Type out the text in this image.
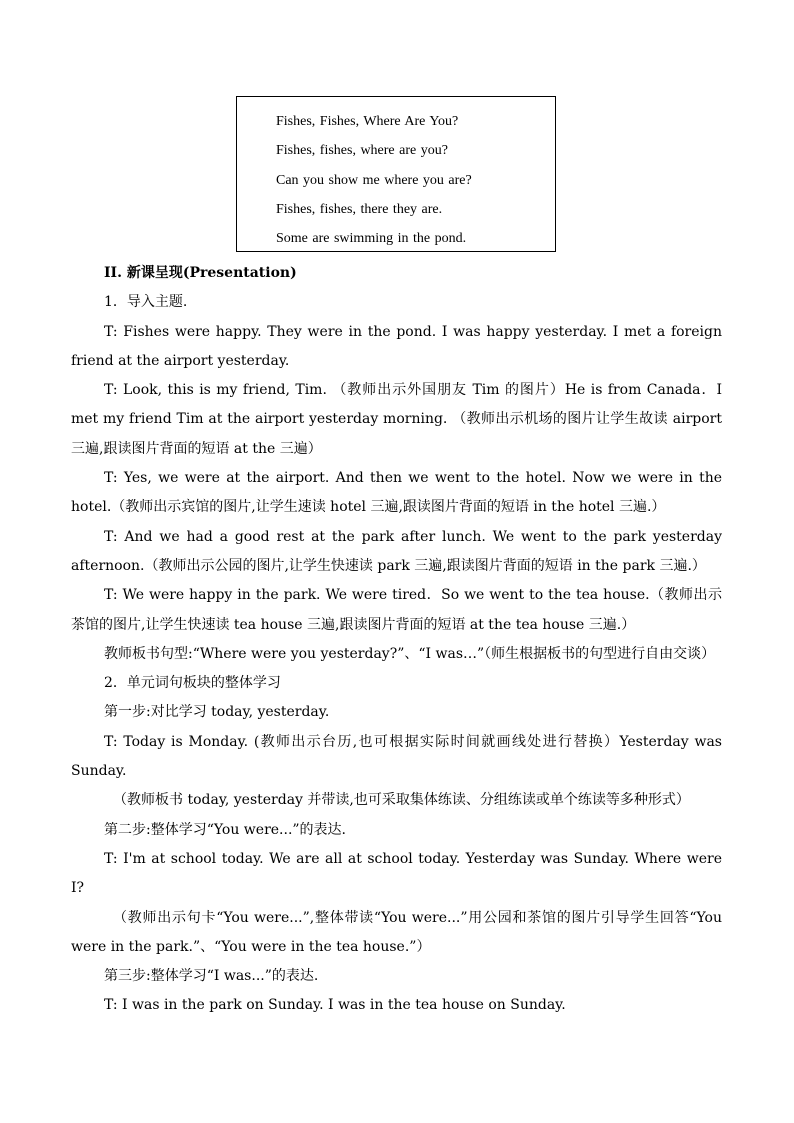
Fishes, Fishes, Where Are You?
Fishes, fishes, where are you?
Can you show me where you are?
Fishes, fishes, there they are.
Some are swimming in the pond.

II. 新课呈现(Presentation)

1．导入主题.

T: Fishes were happy. They were in the pond. I was happy yesterday. I met a foreign friend at the airport yesterday.

T: Look, this is my friend, Tim. （教师出示外国朋友 Tim 的图片）He is from Canada．I met my friend Tim at the airport yesterday morning. （教师出示机场的图片让学生故读 airport 三遍,跟读图片背面的短语 at the 三遍）

T: Yes, we were at the airport. And then we went to the hotel. Now we were in the hotel.（教师出示宾馆的图片,让学生速读 hotel 三遍,跟读图片背面的短语 in the hotel 三遍.）

T: And we had a good rest at the park after lunch. We went to the park yesterday afternoon.（教师出示公园的图片,让学生快速读 park 三遍,跟读图片背面的短语 in the park 三遍.）

T: We were happy in the park. We were tired．So we went to the tea house.（教师出示茶馆的图片,让学生快速读 tea house 三遍,跟读图片背面的短语 at the tea house 三遍.）

教师板书句型:“Where were you yesterday?”、“I was…”（师生根据板书的句型进行自由交谈）

2．单元词句板块的整体学习

第一步:对比学习 today, yesterday.

T: Today is Monday. (教师出示台历,也可根据实际时间就画线处进行替换）Yesterday was Sunday.

（教师板书 today, yesterday 并带读,也可采取集体练读、分组练读或单个练读等多种形式）

第二步:整体学习“You were...”的表达.

T: I'm at school today. We are all at school today. Yesterday was Sunday. Where were I?

（教师出示句卡“You were...”,整体带读“You were...”用公园和茶馆的图片引导学生回答“You were in the park.”、“You were in the tea house.”）

第三步:整体学习“I was...”的表达.

T: I was in the park on Sunday. I was in the tea house on Sunday.
